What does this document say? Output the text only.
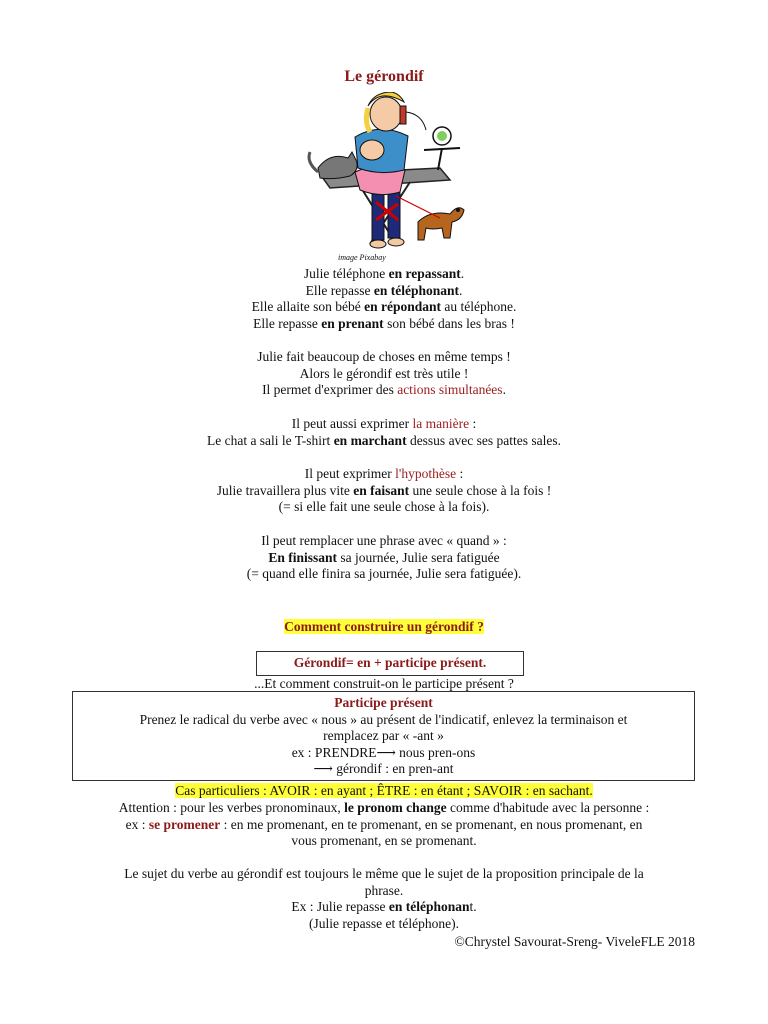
Le gérondif
image Pixabay
Julie téléphone en repassant.
Elle repasse en téléphonant.
Elle allaite son bébé en répondant au téléphone.
Elle repasse en prenant son bébé dans les bras !
Julie fait beaucoup de choses en même temps !
Alors le gérondif est très utile !
Il permet d'exprimer des actions simultanées.
Il peut aussi exprimer la manière :
Le chat a sali le T-shirt en marchant dessus avec ses pattes sales.
Il peut exprimer l'hypothèse :
Julie travaillera plus vite en faisant une seule chose à la fois !
(= si elle fait une seule chose à la fois).
Il peut remplacer une phrase avec « quand » :
En finissant sa journée, Julie sera fatiguée
(= quand elle finira sa journée, Julie sera fatiguée).
Comment construire un gérondif ?
Gérondif= en + participe présent.
...Et comment construit-on le participe présent ?
Participe présent
Prenez le radical du verbe avec « nous » au présent de l'indicatif, enlevez la terminaison et
remplacez par « -ant »
ex : PRENDRE⟶ nous pren-ons
⟶ gérondif : en pren-ant
Cas particuliers : AVOIR : en ayant ; ÊTRE : en étant ; SAVOIR : en sachant.
Attention : pour les verbes pronominaux, le pronom change comme d'habitude avec la personne :
ex : se promener : en me promenant, en te promenant, en se promenant, en nous promenant, en
vous promenant, en se promenant.
Le sujet du verbe au gérondif est toujours le même que le sujet de la proposition principale de la
phrase.
Ex : Julie repasse en téléphonant.
(Julie repasse et téléphone).
©Chrystel Savourat-Sreng- ViveleFLE 2018
